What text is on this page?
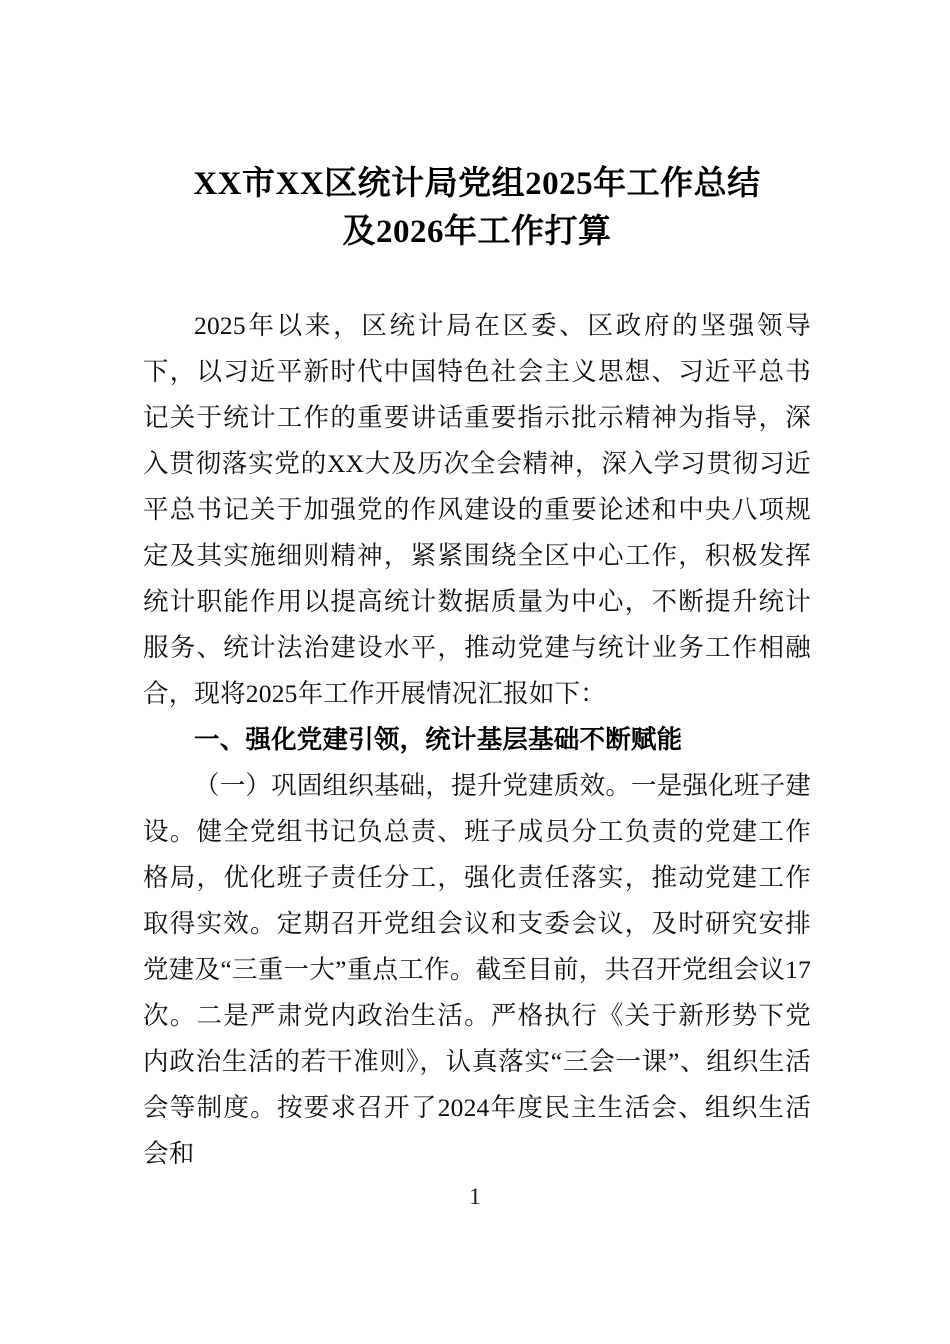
XX市XX区统计局党组2025年工作总结
及2026年工作打算

2025年以来，区统计局在区委、区政府的坚强领导下，以习近平新时代中国特色社会主义思想、习近平总书记关于统计工作的重要讲话重要指示批示精神为指导，深入贯彻落实党的XX大及历次全会精神，深入学习贯彻习近平总书记关于加强党的作风建设的重要论述和中央八项规定及其实施细则精神，紧紧围绕全区中心工作，积极发挥统计职能作用以提高统计数据质量为中心，不断提升统计服务、统计法治建设水平，推动党建与统计业务工作相融合，现将2025年工作开展情况汇报如下：

一、强化党建引领，统计基层基础不断赋能

（一）巩固组织基础，提升党建质效。一是强化班子建设。健全党组书记负总责、班子成员分工负责的党建工作格局，优化班子责任分工，强化责任落实，推动党建工作取得实效。定期召开党组会议和支委会议，及时研究安排党建及“三重一大”重点工作。截至目前，共召开党组会议17次。二是严肃党内政治生活。严格执行《关于新形势下党内政治生活的若干准则》，认真落实“三会一课”、组织生活会等制度。按要求召开了2024年度民主生活会、组织生活会和

1
